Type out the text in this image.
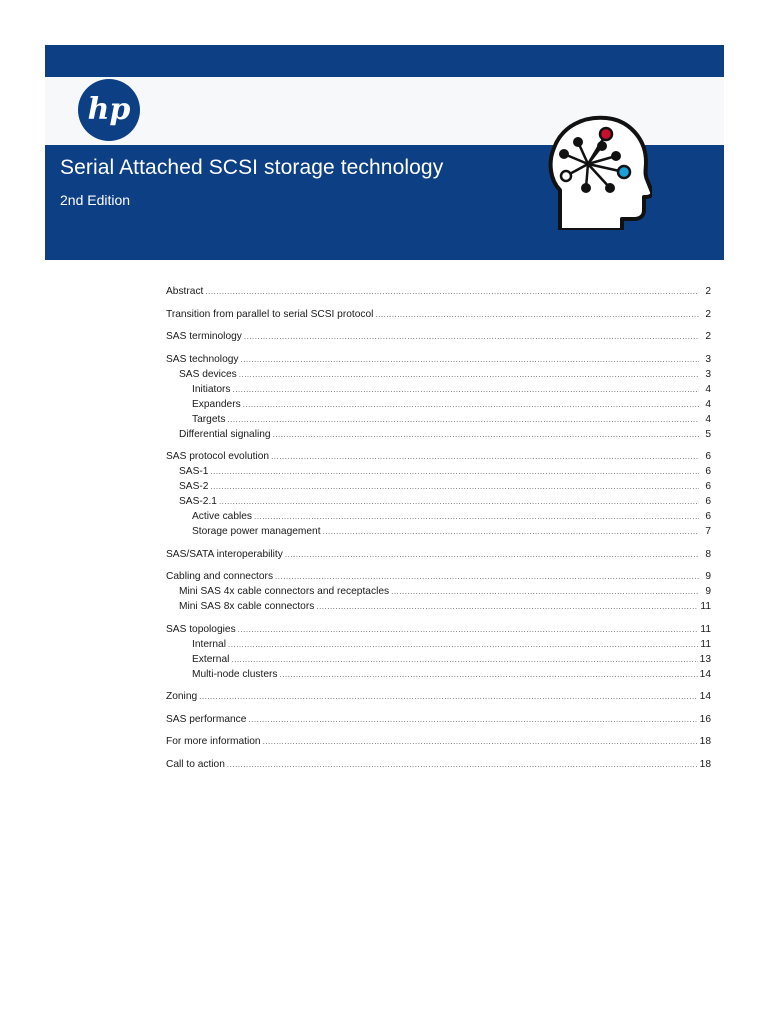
hp
Serial Attached SCSI storage technology
2nd Edition
Abstract .....	2
Transition from parallel to serial SCSI protocol .....	2
SAS terminology .....	2
SAS technology .....	3
SAS devices .....	3
Initiators .....	4
Expanders .....	4
Targets .....	4
Differential signaling .....	5
SAS protocol evolution .....	6
SAS-1 .....	6
SAS-2 .....	6
SAS-2.1 .....	6
Active cables .....	6
Storage power management .....	7
SAS/SATA interoperability .....	8
Cabling and connectors .....	9
Mini SAS 4x cable connectors and receptacles .....	9
Mini SAS 8x cable connectors .....	11
SAS topologies .....	11
Internal .....	11
External .....	13
Multi-node clusters .....	14
Zoning .....	14
SAS performance .....	16
For more information .....	18
Call to action .....	18
